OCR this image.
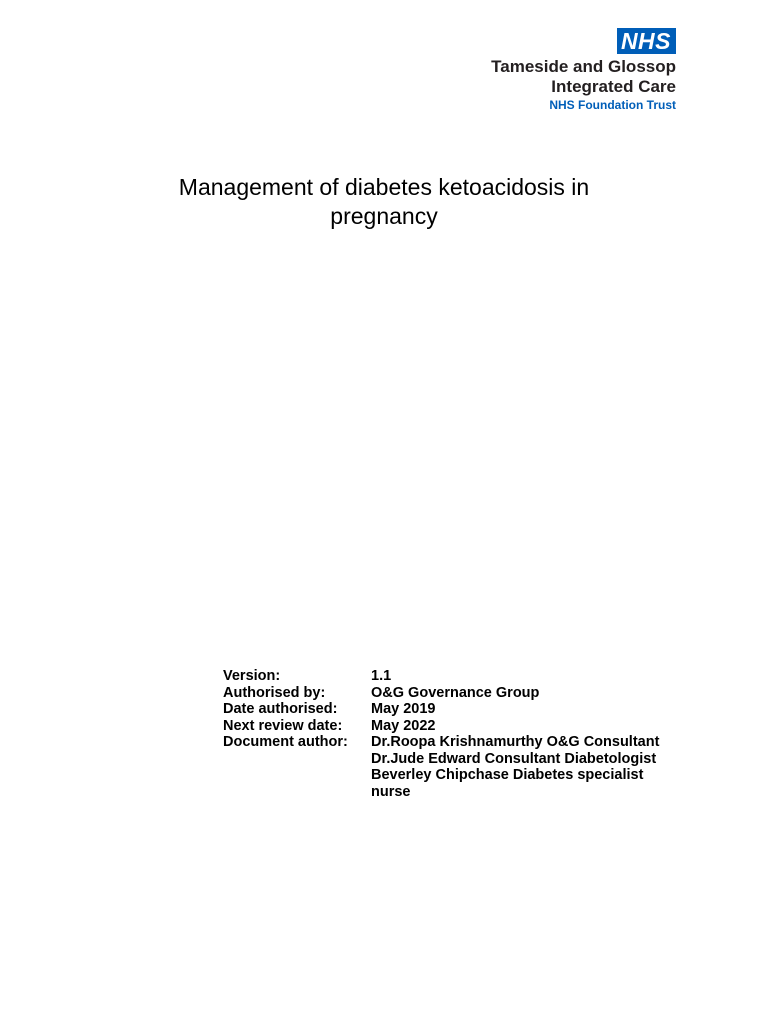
NHS
Tameside and Glossop
Integrated Care
NHS Foundation Trust
Management of diabetes ketoacidosis in
pregnancy
Version:	1.1
Authorised by:	O&G Governance Group
Date authorised:	May 2019
Next review date:	May 2022
Document author:	Dr.Roopa Krishnamurthy O&G Consultant
	Dr.Jude Edward Consultant Diabetologist
	Beverley Chipchase Diabetes specialist nurse
